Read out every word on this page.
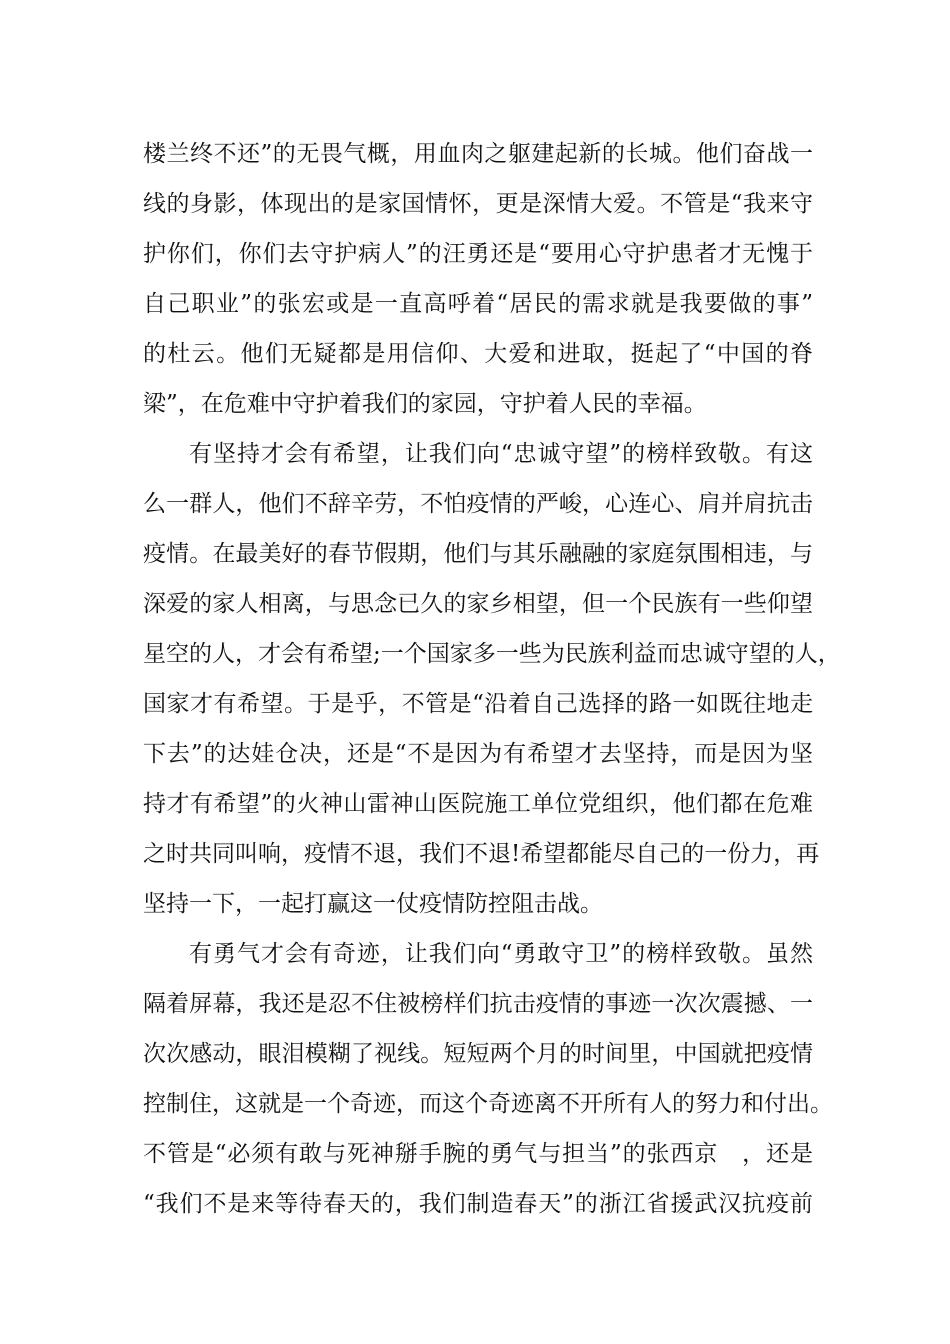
楼兰终不还”的无畏气概，用血肉之躯建起新的长城。他们奋战一
线的身影，体现出的是家国情怀，更是深情大爱。不管是“我来守
护你们，你们去守护病人”的汪勇还是“要用心守护患者才无愧于
自己职业”的张宏或是一直高呼着“居民的需求就是我要做的事”
的杜云。他们无疑都是用信仰、大爱和进取，挺起了“中国的脊
梁”，在危难中守护着我们的家园，守护着人民的幸福。
有坚持才会有希望，让我们向“忠诚守望”的榜样致敬。有这
么一群人，他们不辞辛劳，不怕疫情的严峻，心连心、肩并肩抗击
疫情。在最美好的春节假期，他们与其乐融融的家庭氛围相违，与
深爱的家人相离，与思念已久的家乡相望，但一个民族有一些仰望
星空的人，才会有希望;一个国家多一些为民族利益而忠诚守望的人，
国家才有希望。于是乎，不管是“沿着自己选择的路一如既往地走
下去”的达娃仓决，还是“不是因为有希望才去坚持，而是因为坚
持才有希望”的火神山雷神山医院施工单位党组织，他们都在危难
之时共同叫响，疫情不退，我们不退!希望都能尽自己的一份力，再
坚持一下，一起打赢这一仗疫情防控阻击战。
有勇气才会有奇迹，让我们向“勇敢守卫”的榜样致敬。虽然
隔着屏幕，我还是忍不住被榜样们抗击疫情的事迹一次次震撼、一
次次感动，眼泪模糊了视线。短短两个月的时间里，中国就把疫情
控制住，这就是一个奇迹，而这个奇迹离不开所有人的努力和付出。
不管是“必须有敢与死神掰手腕的勇气与担当”的张西京　，还是
“我们不是来等待春天的，我们制造春天”的浙江省援武汉抗疫前
